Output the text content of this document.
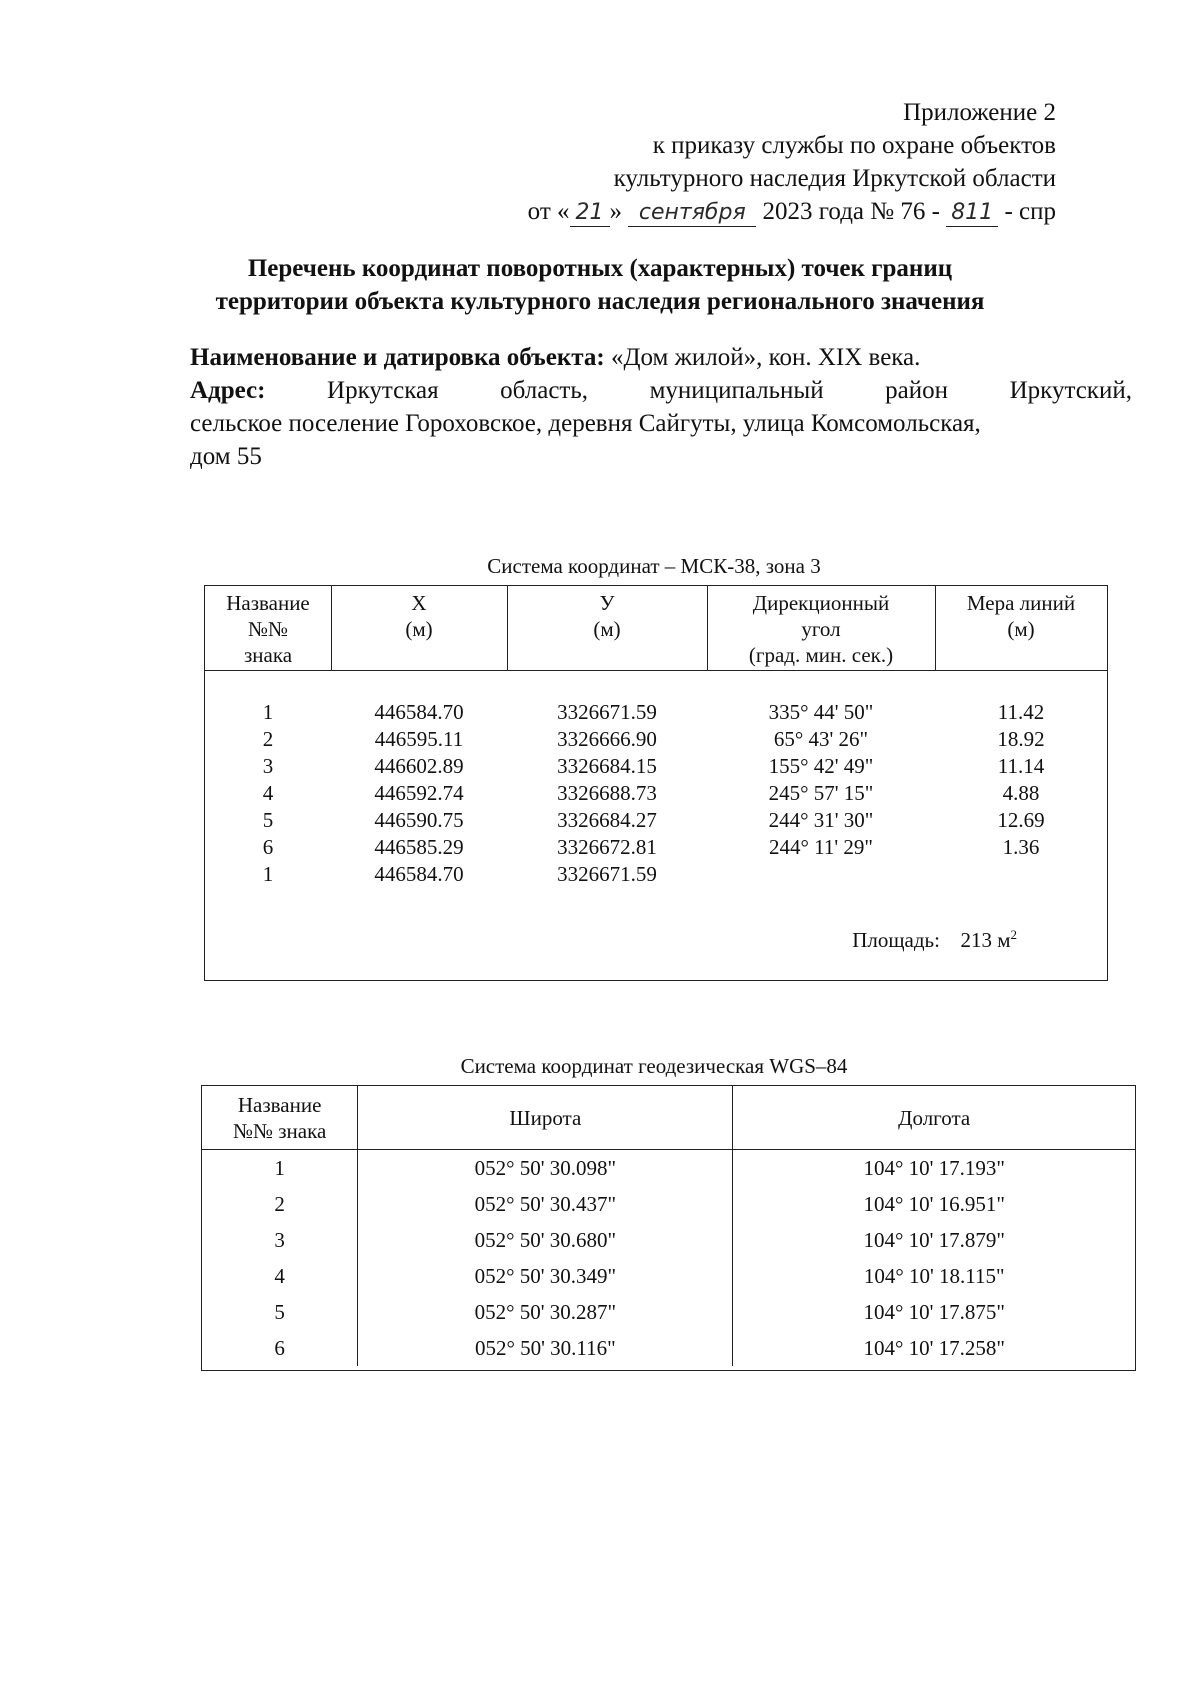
Приложение 2
к приказу службы по охране объектов
культурного наследия Иркутской области
от « 21 » сентября 2023 года № 76 - 811 - спр
Перечень координат поворотных (характерных) точек границ
территории объекта культурного наследия регионального значения
Наименование и датировка объекта: «Дом жилой», кон. XIX века.
Адрес: Иркутская область, муниципальный район Иркутский,
сельское поселение Гороховское, деревня Сайгуты, улица Комсомольская,
дом 55
Система координат – МСК-38, зона 3
Название
№№
знака
X
(м)
У
(м)
Дирекционный
угол
(град. мин. сек.)
Мера линий
(м)
1	446584.70	3326671.59	335° 44' 50"	11.42
2	446595.11	3326666.90	65° 43' 26"	18.92
3	446602.89	3326684.15	155° 42' 49"	11.14
4	446592.74	3326688.73	245° 57' 15"	4.88
5	446590.75	3326684.27	244° 31' 30"	12.69
6	446585.29	3326672.81	244° 11' 29"	1.36
1	446584.70	3326671.59
Площадь: 213 $м^2$
Система координат геодезическая WGS–84
Название
№№ знака	Широта	Долгота
1	052° 50' 30.098"	104° 10' 17.193"
2	052° 50' 30.437"	104° 10' 16.951"
3	052° 50' 30.680"	104° 10' 17.879"
4	052° 50' 30.349"	104° 10' 18.115"
5	052° 50' 30.287"	104° 10' 17.875"
6	052° 50' 30.116"	104° 10' 17.258"
